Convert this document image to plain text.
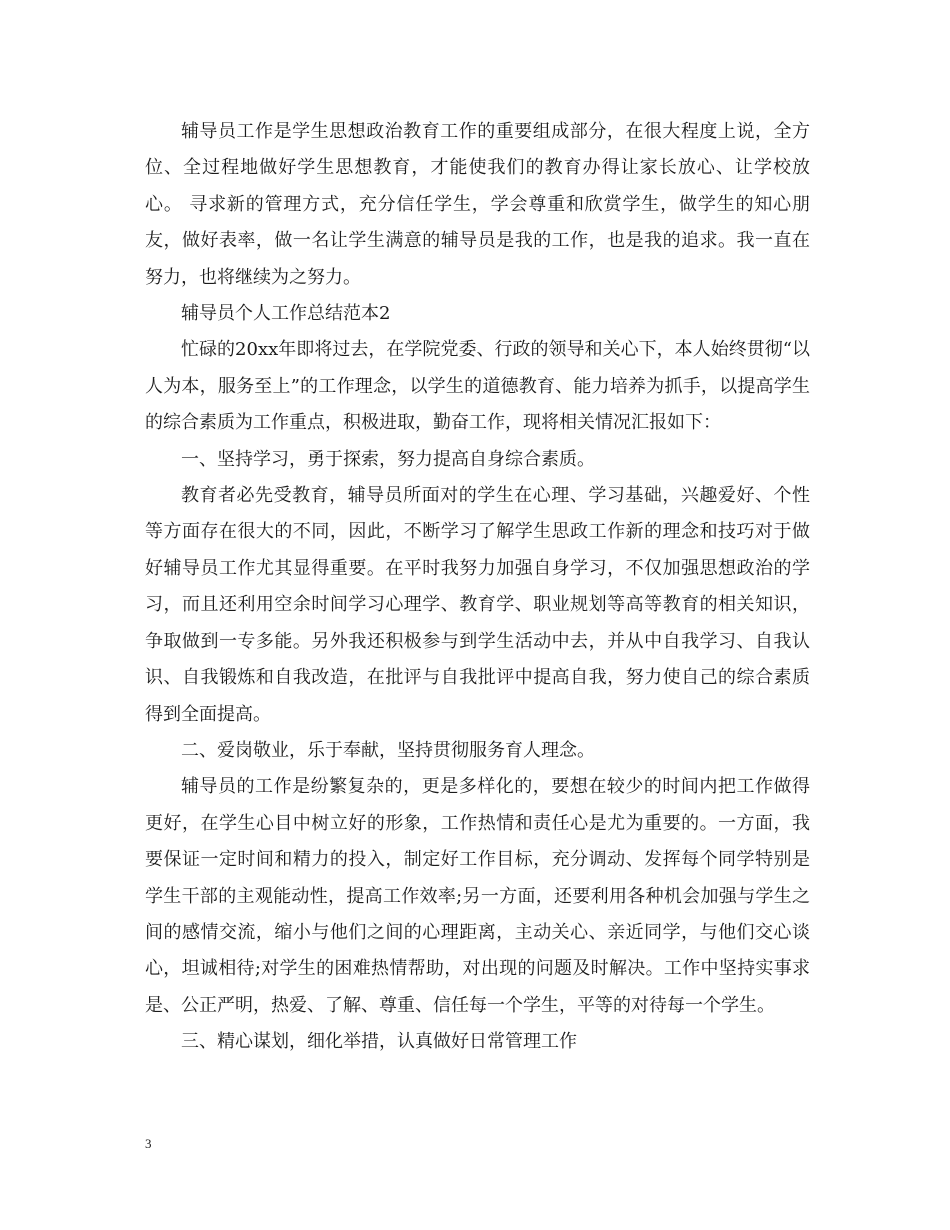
辅导员工作是学生思想政治教育工作的重要组成部分，在很大程度上说，全方位、全过程地做好学生思想教育，才能使我们的教育办得让家长放心、让学校放心。 寻求新的管理方式，充分信任学生，学会尊重和欣赏学生，做学生的知心朋友，做好表率，做一名让学生满意的辅导员是我的工作，也是我的追求。我一直在努力，也将继续为之努力。

辅导员个人工作总结范本2

忙碌的20xx年即将过去，在学院党委、行政的领导和关心下，本人始终贯彻“以人为本，服务至上”的工作理念，以学生的道德教育、能力培养为抓手，以提高学生的综合素质为工作重点，积极进取，勤奋工作，现将相关情况汇报如下：

一、坚持学习，勇于探索，努力提高自身综合素质。

教育者必先受教育，辅导员所面对的学生在心理、学习基础，兴趣爱好、个性等方面存在很大的不同，因此，不断学习了解学生思政工作新的理念和技巧对于做好辅导员工作尤其显得重要。在平时我努力加强自身学习，不仅加强思想政治的学习，而且还利用空余时间学习心理学、教育学、职业规划等高等教育的相关知识，争取做到一专多能。另外我还积极参与到学生活动中去，并从中自我学习、自我认识、自我锻炼和自我改造，在批评与自我批评中提高自我，努力使自己的综合素质得到全面提高。

二、爱岗敬业，乐于奉献，坚持贯彻服务育人理念。

辅导员的工作是纷繁复杂的，更是多样化的，要想在较少的时间内把工作做得更好，在学生心目中树立好的形象，工作热情和责任心是尤为重要的。一方面，我要保证一定时间和精力的投入，制定好工作目标，充分调动、发挥每个同学特别是学生干部的主观能动性，提高工作效率;另一方面，还要利用各种机会加强与学生之间的感情交流，缩小与他们之间的心理距离，主动关心、亲近同学，与他们交心谈心，坦诚相待;对学生的困难热情帮助，对出现的问题及时解决。工作中坚持实事求是、公正严明，热爱、了解、尊重、信任每一个学生，平等的对待每一个学生。

三、精心谋划，细化举措，认真做好日常管理工作

3
